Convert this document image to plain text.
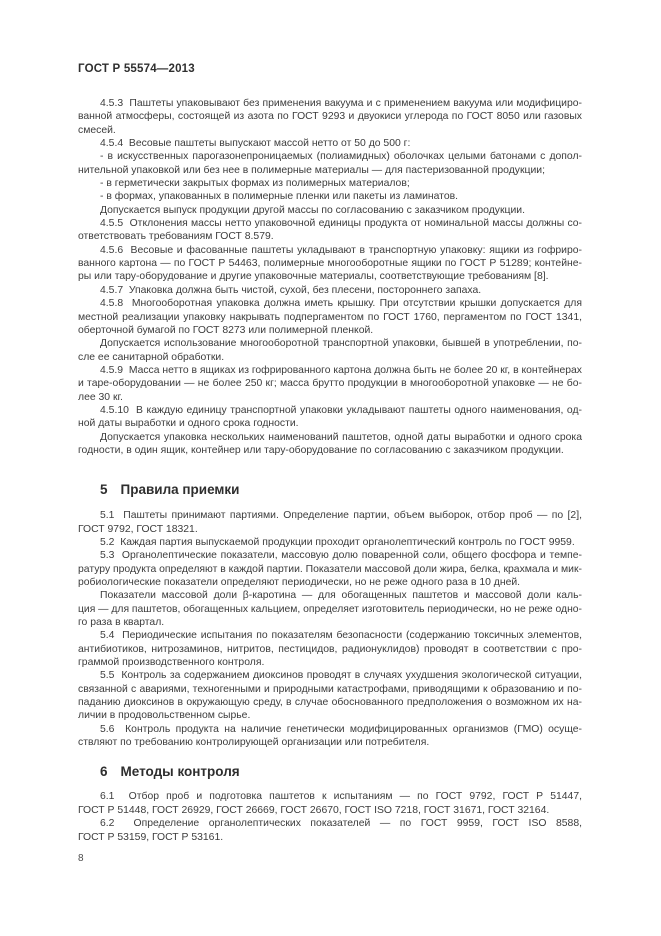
ГОСТ Р 55574—2013
4.5.3  Паштеты упаковывают без применения вакуума и с применением вакуума или модифициро-
ванной атмосферы, состоящей из азота по ГОСТ 9293 и двуокиси углерода по ГОСТ 8050 или газовых
смесей.
4.5.4  Весовые паштеты выпускают массой нетто от 50 до 500 г:
- в искусственных парогазонепроницаемых (полиамидных) оболочках целыми батонами с допол-
нительной упаковкой или без нее в полимерные материалы — для пастеризованной продукции;
- в герметически закрытых формах из полимерных материалов;
- в формах, упакованных в полимерные пленки или пакеты из ламинатов.
Допускается выпуск продукции другой массы по согласованию с заказчиком продукции.
4.5.5  Отклонения массы нетто упаковочной единицы продукта от номинальной массы должны со-
ответствовать требованиям ГОСТ 8.579.
4.5.6  Весовые и фасованные паштеты укладывают в транспортную упаковку: ящики из гофриро-
ванного картона — по ГОСТ Р 54463, полимерные многооборотные ящики по ГОСТ Р 51289; контейне-
ры или тару-оборудование и другие упаковочные материалы, соответствующие требованиям [8].
4.5.7  Упаковка должна быть чистой, сухой, без плесени, постороннего запаха.
4.5.8  Многооборотная упаковка должна иметь крышку. При отсутствии крышки допускается для
местной реализации упаковку накрывать подпергаментом по ГОСТ 1760, пергаментом по ГОСТ 1341,
оберточной бумагой по ГОСТ 8273 или полимерной пленкой.
Допускается использование многооборотной транспортной упаковки, бывшей в употреблении, по-
сле ее санитарной обработки.
4.5.9  Масса нетто в ящиках из гофрированного картона должна быть не более 20 кг, в контейнерах
и таре-оборудовании — не более 250 кг; масса брутто продукции в многооборотной упаковке — не бо-
лее 30 кг.
4.5.10  В каждую единицу транспортной упаковки укладывают паштеты одного наименования, од-
ной даты выработки и одного срока годности.
Допускается упаковка нескольких наименований паштетов, одной даты выработки и одного срока
годности, в один ящик, контейнер или тару-оборудование по согласованию с заказчиком продукции.
5 Правила приемки
5.1  Паштеты принимают партиями. Определение партии, объем выборок, отбор проб — по [2],
ГОСТ 9792, ГОСТ 18321.
5.2  Каждая партия выпускаемой продукции проходит органолептический контроль по ГОСТ 9959.
5.3  Органолептические показатели, массовую долю поваренной соли, общего фосфора и темпе-
ратуру продукта определяют в каждой партии. Показатели массовой доли жира, белка, крахмала и мик-
робиологические показатели определяют периодически, но не реже одного раза в 10 дней.
Показатели массовой доли β-каротина — для обогащенных паштетов и массовой доли каль-
ция — для паштетов, обогащенных кальцием, определяет изготовитель периодически, но не реже одно-
го раза в квартал.
5.4  Периодические испытания по показателям безопасности (содержанию токсичных элементов,
антибиотиков, нитрозаминов, нитритов, пестицидов, радионуклидов) проводят в соответствии с про-
граммой производственного контроля.
5.5  Контроль за содержанием диоксинов проводят в случаях ухудшения экологической ситуации,
связанной с авариями, техногенными и природными катастрофами, приводящими к образованию и по-
паданию диоксинов в окружающую среду, в случае обоснованного предположения о возможном их на-
личии в продовольственном сырье.
5.6  Контроль продукта на наличие генетически модифицированных организмов (ГМО) осуще-
ствляют по требованию контролирующей организации или потребителя.
6 Методы контроля
6.1  Отбор проб и подготовка паштетов к испытаниям — по ГОСТ 9792, ГОСТ Р 51447,
ГОСТ Р 51448, ГОСТ 26929, ГОСТ 26669, ГОСТ 26670, ГОСТ ISO 7218, ГОСТ 31671, ГОСТ 32164.
6.2  Определение органолептических показателей — по ГОСТ 9959, ГОСТ ISO 8588,
ГОСТ Р 53159, ГОСТ Р 53161.
8
